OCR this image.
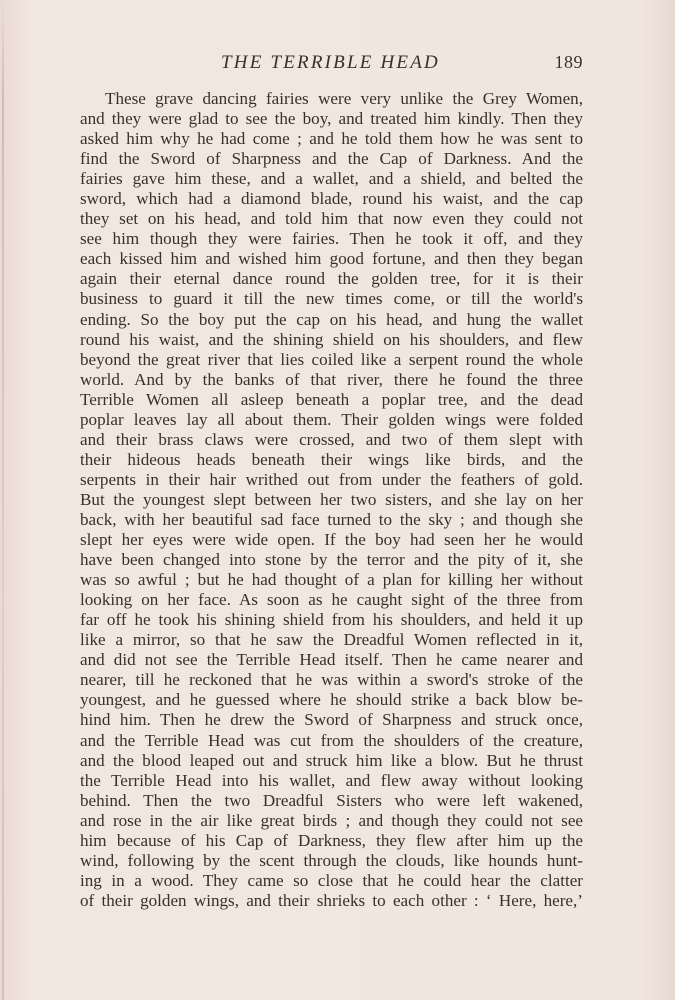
THE TERRIBLE HEAD	189
These grave dancing fairies were very unlike the Grey Women,
and they were glad to see the boy, and treated him kindly. Then they
asked him why he had come ; and he told them how he was sent to
find the Sword of Sharpness and the Cap of Darkness. And the
fairies gave him these, and a wallet, and a shield, and belted the
sword, which had a diamond blade, round his waist, and the cap
they set on his head, and told him that now even they could not
see him though they were fairies. Then he took it off, and they
each kissed him and wished him good fortune, and then they began
again their eternal dance round the golden tree, for it is their
business to guard it till the new times come, or till the world's
ending. So the boy put the cap on his head, and hung the wallet
round his waist, and the shining shield on his shoulders, and flew
beyond the great river that lies coiled like a serpent round the whole
world. And by the banks of that river, there he found the three
Terrible Women all asleep beneath a poplar tree, and the dead
poplar leaves lay all about them. Their golden wings were folded
and their brass claws were crossed, and two of them slept with
their hideous heads beneath their wings like birds, and the
serpents in their hair writhed out from under the feathers of gold.
But the youngest slept between her two sisters, and she lay on her
back, with her beautiful sad face turned to the sky ; and though she
slept her eyes were wide open. If the boy had seen her he would
have been changed into stone by the terror and the pity of it, she
was so awful ; but he had thought of a plan for killing her without
looking on her face. As soon as he caught sight of the three from
far off he took his shining shield from his shoulders, and held it up
like a mirror, so that he saw the Dreadful Women reflected in it,
and did not see the Terrible Head itself. Then he came nearer and
nearer, till he reckoned that he was within a sword's stroke of the
youngest, and he guessed where he should strike a back blow be-
hind him. Then he drew the Sword of Sharpness and struck once,
and the Terrible Head was cut from the shoulders of the creature,
and the blood leaped out and struck him like a blow. But he thrust
the Terrible Head into his wallet, and flew away without looking
behind. Then the two Dreadful Sisters who were left wakened,
and rose in the air like great birds ; and though they could not see
him because of his Cap of Darkness, they flew after him up the
wind, following by the scent through the clouds, like hounds hunt-
ing in a wood. They came so close that he could hear the clatter
of their golden wings, and their shrieks to each other : ‘ Here, here,’
